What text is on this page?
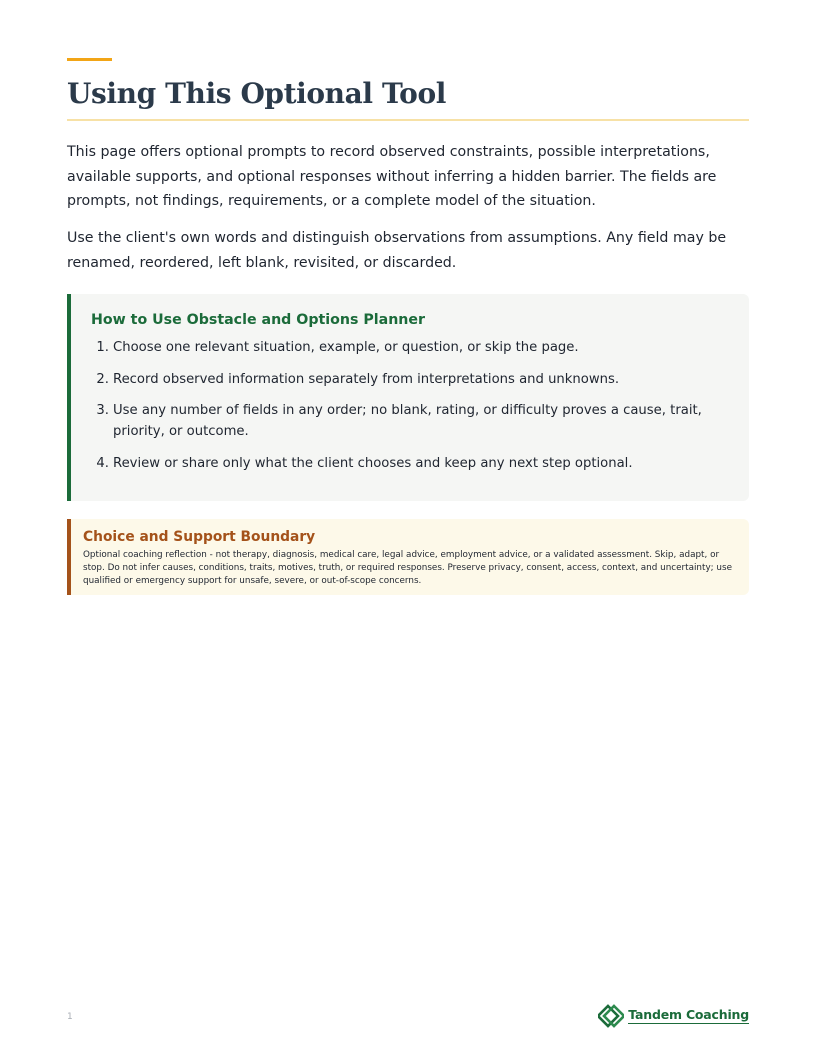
Using This Optional Tool

This page offers optional prompts to record observed constraints, possible interpretations, available supports, and optional responses without inferring a hidden barrier. The fields are prompts, not findings, requirements, or a complete model of the situation.

Use the client's own words and distinguish observations from assumptions. Any field may be renamed, reordered, left blank, revisited, or discarded.

How to Use Obstacle and Options Planner
1. Choose one relevant situation, example, or question, or skip the page.
2. Record observed information separately from interpretations and unknowns.
3. Use any number of fields in any order; no blank, rating, or difficulty proves a cause, trait, priority, or outcome.
4. Review or share only what the client chooses and keep any next step optional.
Choice and Support Boundary

Optional coaching reflection - not therapy, diagnosis, medical care, legal advice, employment advice, or a validated assessment. Skip, adapt, or stop. Do not infer causes, conditions, traits, motives, truth, or required responses. Preserve privacy, consent, access, context, and uncertainty; use qualified or emergency support for unsafe, severe, or out-of-scope concerns.

1	Tandem Coaching
